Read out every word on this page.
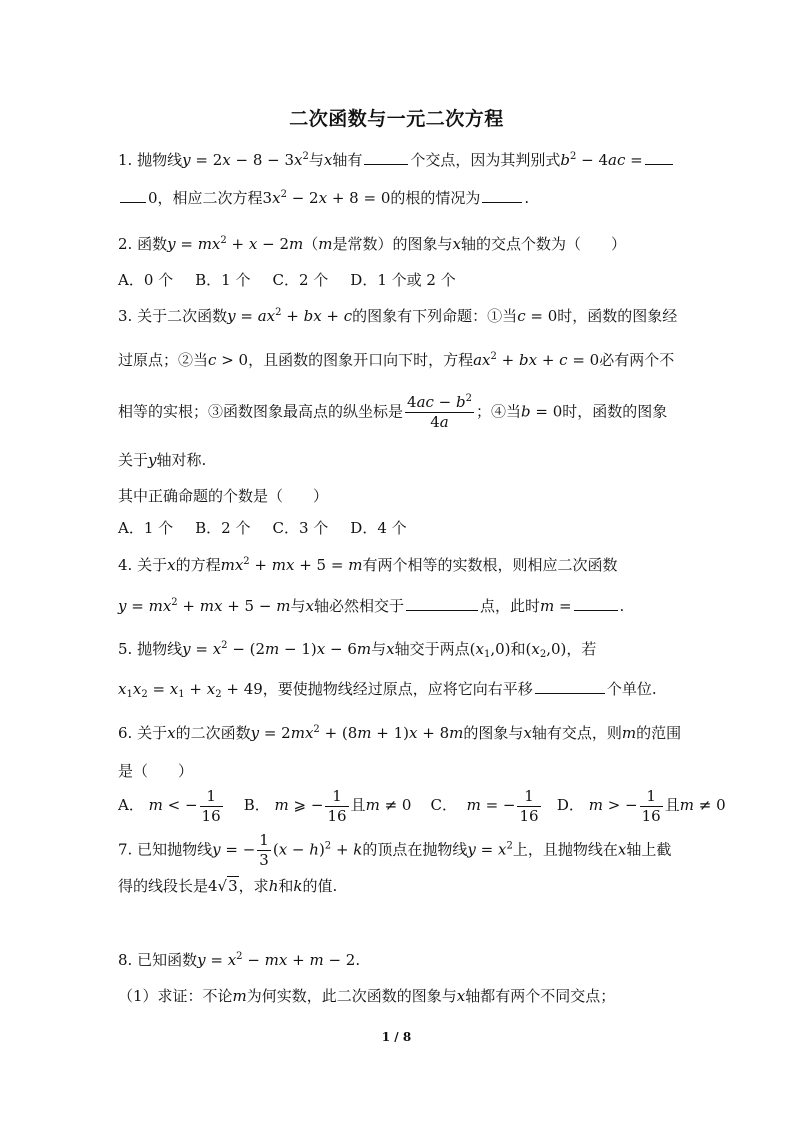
二次函数与一元二次方程
1. 抛物线$y = 2x - 8 - 3x^2$与x轴有	个交点，因为其判别式$b^2 - 4ac$ =
0，相应二次方程$3x^2 - 2x + 8 = 0$的根的情况为	.
2. 函数$y = mx^2 + x - 2m(m$是常数）的图象与x轴的交点个数为（　　）
A．0 个 B．1 个 C．2 个 D．1 个或 2 个
3. 关于二次函数$y = ax^2$ + bx + c的图象有下列命题：①当c = 0时，函数的图象经
过原点；②当c > 0，且函数的图象开口向下时，方程$ax^2$ + bx + c = 0必有两个不
相等的实根；③函数图象最高点的纵坐标是 $\frac{4ac - b^2}{4a}$ ；④当b = 0时，函数的图象
关于y轴对称.
其中正确命题的个数是（　　）
A．1 个 B．2 个 C．3 个 D．4 个
4. 关于x的方程$mx^2$ + mx + 5 = m有两个相等的实数根，则相应二次函数
$y = mx^2$ + mx + 5 − m与x轴必然相交于	点，此时m =	.
5. 抛物线$y = x^2 - (2m - 1)x - 6m$与x轴交于两点$(x_1,0)$和$(x_2,0)$，若
$x_1x_2 = x_1 + x_2 + 49$，要使抛物线经过原点，应将它向右平移	个单位.
6. 关于x的二次函数$y = 2mx^2 + (8m + 1)x + 8m$的图象与x轴有交点，则m的范围
是（　　）
A． m < − $\frac{1}{16}$ B． m ⩾ − $\frac{1}{16}$ 且m ≠ 0 C． m = − $\frac{1}{16}$ D． m > − $\frac{1}{16}$ 且m ≠ 0
7. 已知抛物线y = − $\frac{1}{3} (x - h)^2 + k$的顶点在抛物线$y = x^2$上，且抛物线在x轴上截
得的线段长是4√3，求h和k的值.
8. 已知函数$y = x^2$ − mx + m − 2.
（1）求证：不论m为何实数，此二次函数的图象与x轴都有两个不同交点；
1 / 8
